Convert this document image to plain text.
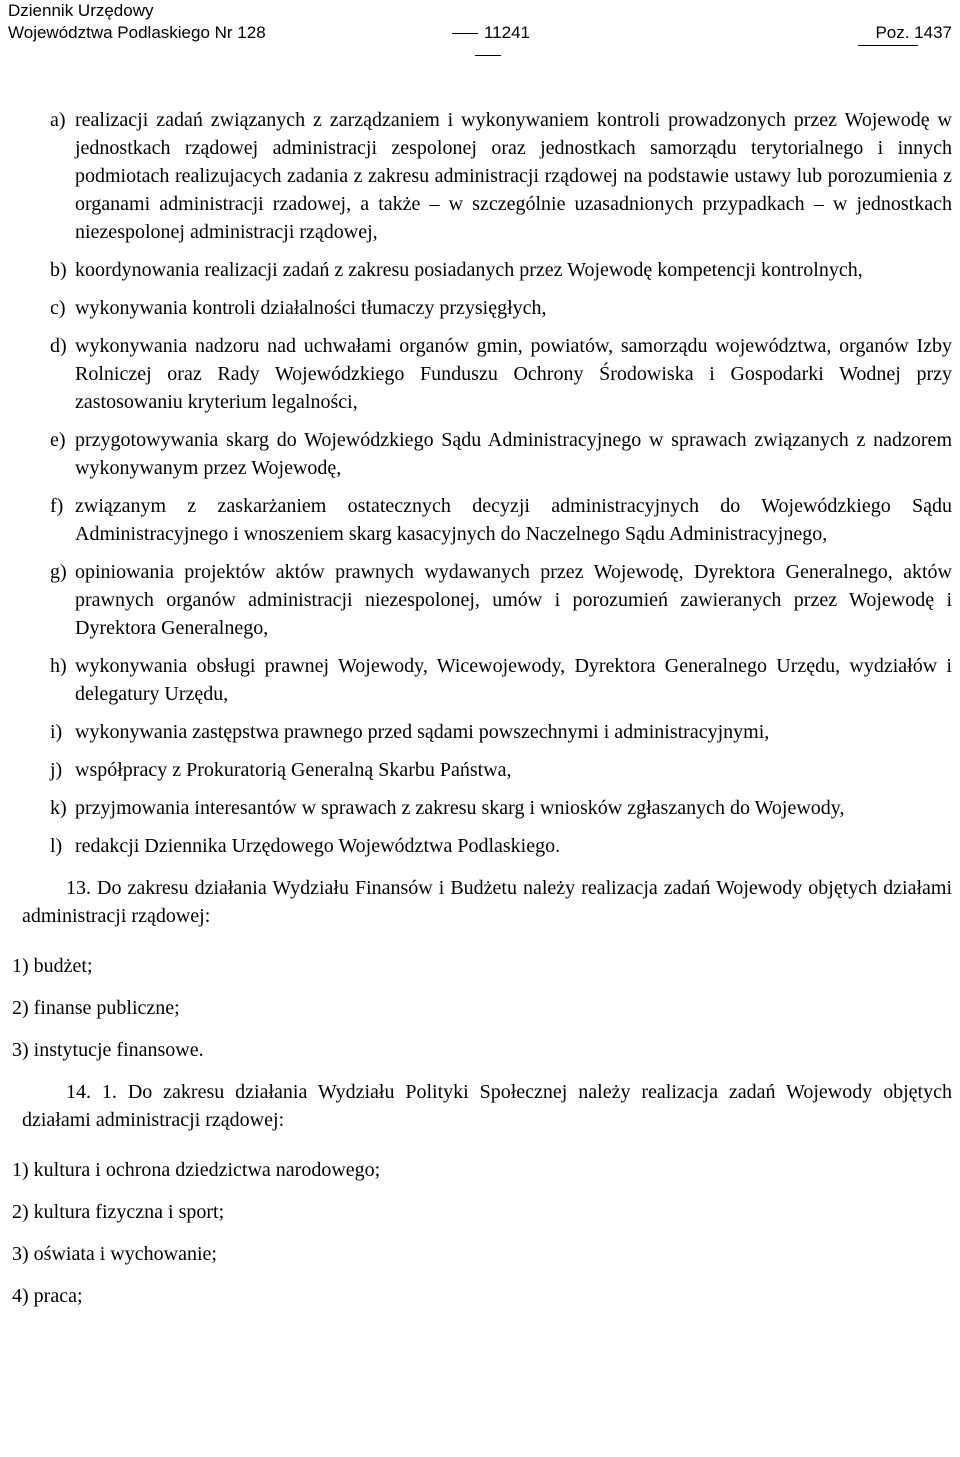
Dziennik Urzędowy
Województwa Podlaskiego Nr 128	11241	Poz. 1437
a) realizacji zadań związanych z zarządzaniem i wykonywaniem kontroli prowadzonych przez Wojewodę w jednostkach rządowej administracji zespolonej oraz jednostkach samorządu terytorialnego i innych podmiotach realizujacych zadania z zakresu administracji rządowej na podstawie ustawy lub porozumienia z organami administracji rzadowej, a także – w szczególnie uzasadnionych przypadkach – w jednostkach niezespolonej administracji rządowej,
b) koordynowania realizacji zadań z zakresu posiadanych przez Wojewodę kompetencji kontrolnych,
c) wykonywania kontroli działalności tłumaczy przysięgłych,
d) wykonywania nadzoru nad uchwałami organów gmin, powiatów, samorządu województwa, organów Izby Rolniczej oraz Rady Wojewódzkiego Funduszu Ochrony Środowiska i Gospodarki Wodnej przy zastosowaniu kryterium legalności,
e) przygotowywania skarg do Wojewódzkiego Sądu Administracyjnego w sprawach związanych z nadzorem wykonywanym przez Wojewodę,
f) związanym z zaskarżaniem ostatecznych decyzji administracyjnych do Wojewódzkiego Sądu Administracyjnego i wnoszeniem skarg kasacyjnych do Naczelnego Sądu Administracyjnego,
g) opiniowania projektów aktów prawnych wydawanych przez Wojewodę, Dyrektora Generalnego, aktów prawnych organów administracji niezespolonej, umów i porozumień zawieranych przez Wojewodę i Dyrektora Generalnego,
h) wykonywania obsługi prawnej Wojewody, Wicewojewody, Dyrektora Generalnego Urzędu, wydziałów i delegatury Urzędu,
i) wykonywania zastępstwa prawnego przed sądami powszechnymi i administracyjnymi,
j) współpracy z Prokuratorią Generalną Skarbu Państwa,
k) przyjmowania interesantów w sprawach z zakresu skarg i wniosków zgłaszanych do Wojewody,
l) redakcji Dziennika Urzędowego Województwa Podlaskiego.
13. Do zakresu działania Wydziału Finansów i Budżetu należy realizacja zadań Wojewody objętych działami administracji rządowej:
1) budżet;
2) finanse publiczne;
3) instytucje finansowe.
14. 1. Do zakresu działania Wydziału Polityki Społecznej należy realizacja zadań Wojewody objętych działami administracji rządowej:
1) kultura i ochrona dziedzictwa narodowego;
2) kultura fizyczna i sport;
3) oświata i wychowanie;
4) praca;
